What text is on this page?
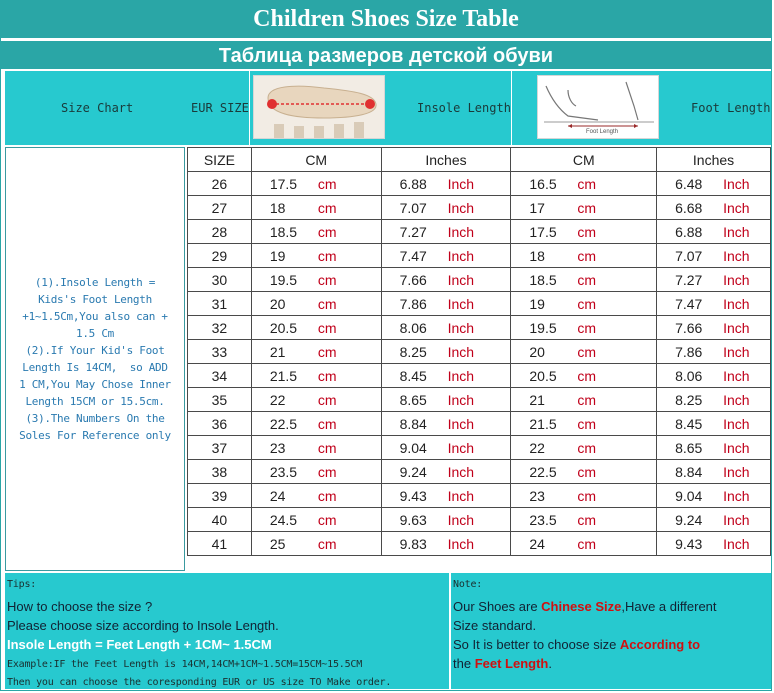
Children Shoes Size Table
Таблица размеров детской обуви
Size Chart	EUR SIZE	Insole Length
Foot Length
Foot Length
(1).Insole Length =
Kids's Foot Length
+1~1.5Cm,You also can +
1.5 Cm
(2).If Your Kid's Foot
Length Is 14CM,  so ADD
1 CM,You May Chose Inner
Length 15CM or 15.5cm.
(3).The Numbers On the
Soles For Reference only
SIZE	CM	Inches	CM	Inches
26	17.5 cm	6.88 Inch	16.5 cm	6.48 Inch

27	18 cm	7.07 Inch	17 cm	6.68 Inch

28	18.5 cm	7.27 Inch	17.5 cm	6.88 Inch

29	19 cm	7.47 Inch	18 cm	7.07 Inch

30	19.5 cm	7.66 Inch	18.5 cm	7.27 Inch

31	20 cm	7.86 Inch	19 cm	7.47 Inch

32	20.5 cm	8.06 Inch	19.5 cm	7.66 Inch

33	21 cm	8.25 Inch	20 cm	7.86 Inch

34	21.5 cm	8.45 Inch	20.5 cm	8.06 Inch

35	22 cm	8.65 Inch	21 cm	8.25 Inch

36	22.5 cm	8.84 Inch	21.5 cm	8.45 Inch

37	23 cm	9.04 Inch	22 cm	8.65 Inch

38	23.5 cm	9.24 Inch	22.5 cm	8.84 Inch

39	24 cm	9.43 Inch	23 cm	9.04 Inch

40	24.5 cm	9.63 Inch	23.5 cm	9.24 Inch

41	25 cm	9.83 Inch	24 cm	9.43 Inch
Tips:
How to choose the size ?
Please choose size according to Insole Length.
Insole Length = Feet Length + 1CM~ 1.5CM
Example:IF the Feet Length is 14CM,14CM+1CM~1.5CM=15CM~15.5CM
Then you can choose the coresponding EUR or US size TO Make order.
Note:
Our Shoes are Chinese Size,Have a different
Size standard.
So It is better to choose size According to
the Feet Length.
